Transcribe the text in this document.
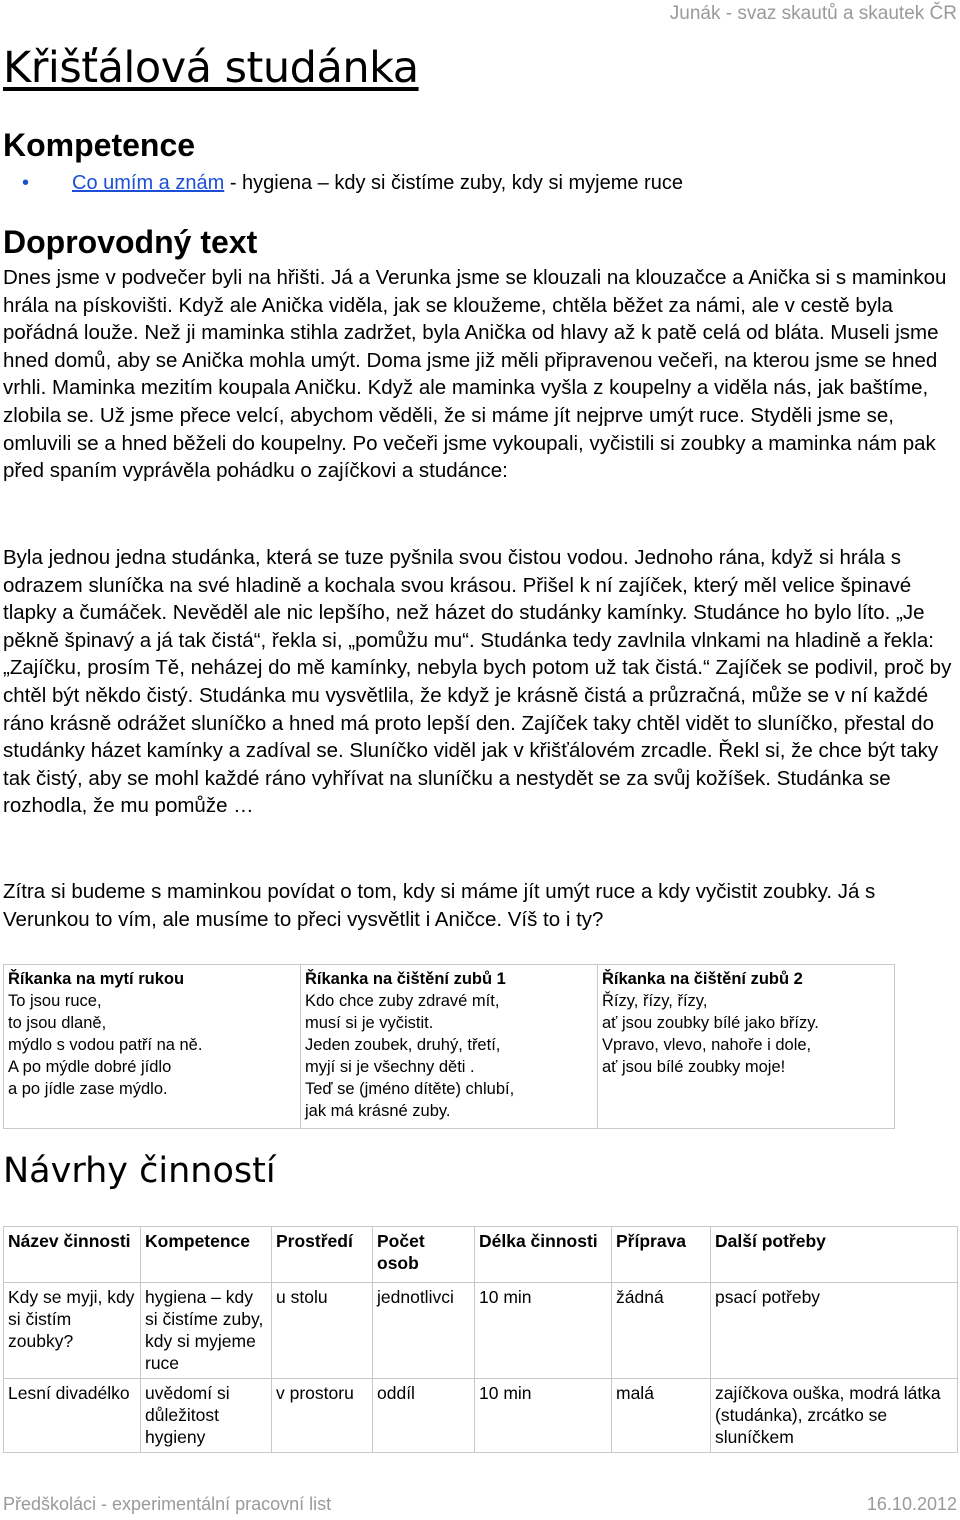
Junák - svaz skautů a skautek ČR
Křišťálová studánka
Kompetence
• Co umím a znám - hygiena – kdy si čistíme zuby, kdy si myjeme ruce
Doprovodný text

Dnes jsme v podvečer byli na hřišti. Já a Verunka jsme se klouzali na klouzačce a Anička si s maminkou hrála na pískovišti. Když ale Anička viděla, jak se kloužeme, chtěla běžet za námi, ale v cestě byla pořádná louže. Než ji maminka stihla zadržet, byla Anička od hlavy až k patě celá od bláta. Museli jsme hned domů, aby se Anička mohla umýt. Doma jsme již měli připravenou večeři, na kterou jsme se hned vrhli. Maminka mezitím koupala Aničku. Když ale maminka vyšla z koupelny a viděla nás, jak baštíme, zlobila se. Už jsme přece velcí, abychom věděli, že si máme jít nejprve umýt ruce. Styděli jsme se, omluvili se a hned běželi do koupelny. Po večeři jsme vykoupali, vyčistili si zoubky a maminka nám pak před spaním vyprávěla pohádku o zajíčkovi a studánce:

Byla jednou jedna studánka, která se tuze pyšnila svou čistou vodou. Jednoho rána, když si hrála s odrazem sluníčka na své hladině a kochala svou krásou. Přišel k ní zajíček, který měl velice špinavé tlapky a čumáček. Nevěděl ale nic lepšího, než házet do studánky kamínky. Studánce ho bylo líto. „Je pěkně špinavý a já tak čistá“, řekla si, „pomůžu mu“. Studánka tedy zavlnila vlnkami na hladině a řekla: „Zajíčku, prosím Tě, neházej do mě kamínky, nebyla bych potom už tak čistá.“ Zajíček se podivil, proč by chtěl být někdo čistý. Studánka mu vysvětlila, že když je krásně čistá a průzračná, může se v ní každé ráno krásně odrážet sluníčko a hned má proto lepší den. Zajíček taky chtěl vidět to sluníčko, přestal do studánky házet kamínky a zadíval se. Sluníčko viděl jak v křišťálovém zrcadle. Řekl si, že chce být taky tak čistý, aby se mohl každé ráno vyhřívat na sluníčku a nestydět se za svůj kožíšek. Studánka se rozhodla, že mu pomůže …

Zítra si budeme s maminkou povídat o tom, kdy si máme jít umýt ruce a kdy vyčistit zoubky. Já s Verunkou to vím, ale musíme to přeci vysvětlit i Aničce. Víš to i ty?

Říkanka na mytí rukou
To jsou ruce,
to jsou dlaně,
mýdlo s vodou patří na ně.
A po mýdle dobré jídlo
a po jídle zase mýdlo.

Říkanka na čištění zubů 1
Kdo chce zuby zdravé mít,
musí si je vyčistit.
Jeden zoubek, druhý, třetí,
myjí si je všechny děti .
Teď se (jméno dítěte) chlubí,
jak má krásné zuby.

Říkanka na čištění zubů 2
Řízy, řízy, řízy,
ať jsou zoubky bílé jako břízy.
Vpravo, vlevo, nahoře i dole,
ať jsou bílé zoubky moje!
Návrhy činností
Název činnosti	Kompetence	Prostředí	Počet osob	Délka činnosti	Příprava	Další potřeby
Kdy se myji, kdy si čistím zoubky?	hygiena – kdy si čistíme zuby, kdy si myjeme ruce	u stolu	jednotlivci	10 min	žádná	psací potřeby
Lesní divadélko	uvědomí si důležitost hygieny	v prostoru	oddíl	10 min	malá	zajíčkova ouška, modrá látka (studánka), zrcátko se sluníčkem
Předškoláci - experimentální pracovní list	16.10.2012
